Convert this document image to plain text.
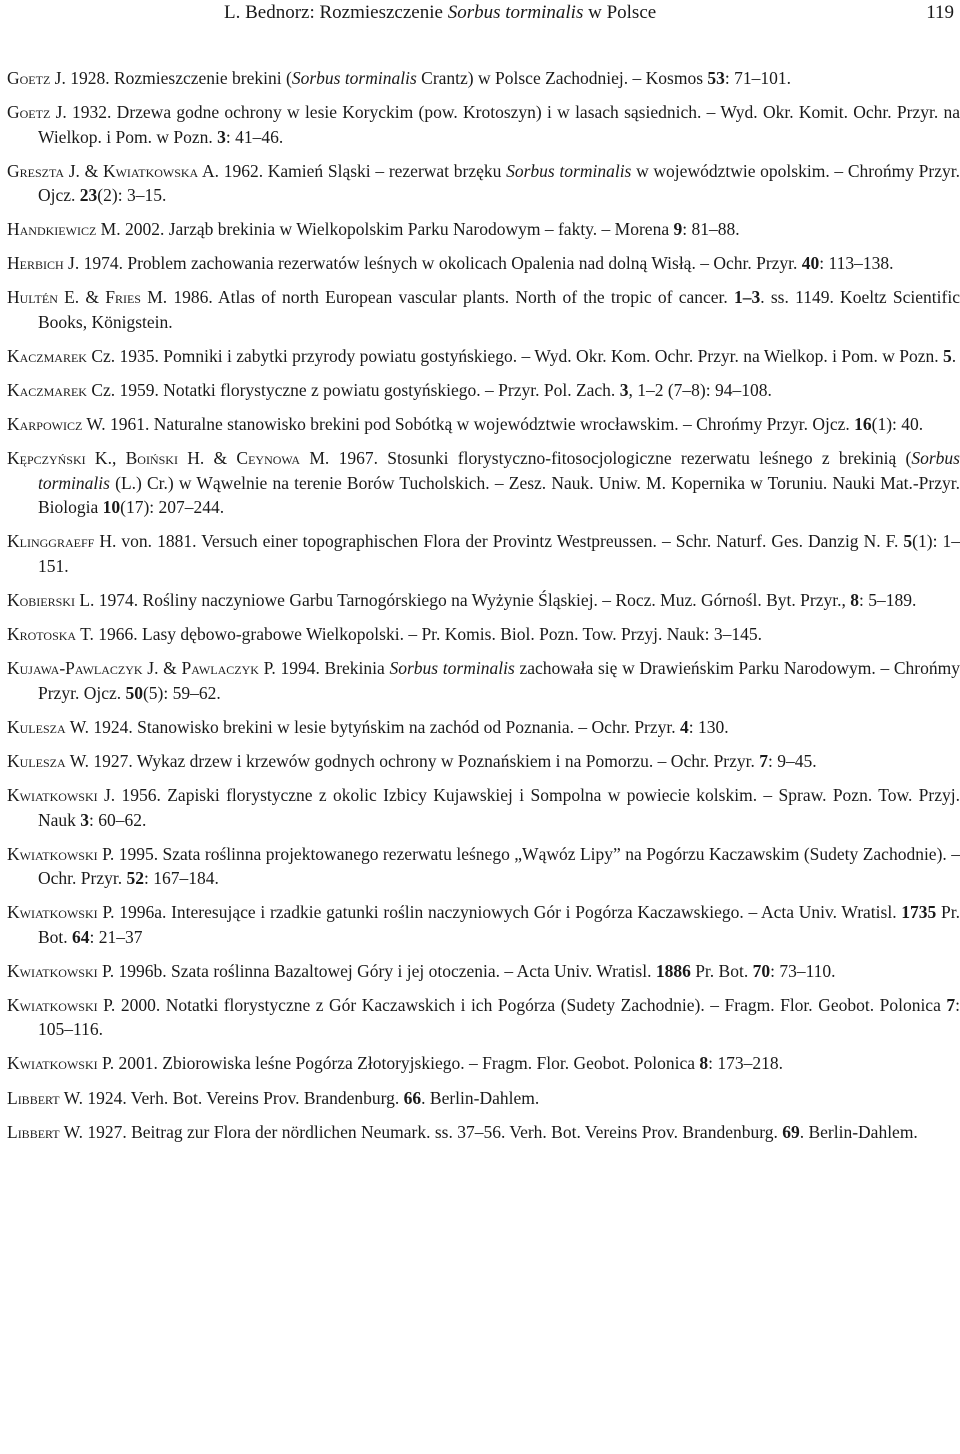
L. Bednorz: Rozmieszczenie Sorbus torminalis w Polsce	119

Goetz J. 1928. Rozmieszczenie brekini (Sorbus torminalis Crantz) w Polsce Zachodniej. – Kosmos 53: 71–101.

Goetz J. 1932. Drzewa godne ochrony w lesie Koryckim (pow. Krotoszyn) i w lasach sąsiednich. – Wyd. Okr. Komit. Ochr. Przyr. na Wielkop. i Pom. w Pozn. 3: 41–46.

Greszta J. & Kwiatkowska A. 1962. Kamień Sląski – rezerwat brzęku Sorbus torminalis w województwie opolskim. – Chrońmy Przyr. Ojcz. 23(2): 3–15.

Handkiewicz M. 2002. Jarząb brekinia w Wielkopolskim Parku Narodowym – fakty. – Morena 9: 81–88.

Herbich J. 1974. Problem zachowania rezerwatów leśnych w okolicach Opalenia nad dolną Wisłą. – Ochr. Przyr. 40: 113–138.

Hultén E. & Fries M. 1986. Atlas of north European vascular plants. North of the tropic of cancer. 1–3. ss. 1149. Koeltz Scientific Books, Königstein.

Kaczmarek Cz. 1935. Pomniki i zabytki przyrody powiatu gostyńskiego. – Wyd. Okr. Kom. Ochr. Przyr. na Wielkop. i Pom. w Pozn. 5.

Kaczmarek Cz. 1959. Notatki florystyczne z powiatu gostyńskiego. – Przyr. Pol. Zach. 3, 1–2 (7–8): 94–108.

Karpowicz W. 1961. Naturalne stanowisko brekini pod Sobótką w województwie wrocławskim. – Chrońmy Przyr. Ojcz. 16(1): 40.

Kępczyński K., Boiński H. & Ceynowa M. 1967. Stosunki florystyczno-fitosocjologiczne rezerwatu leśnego z brekinią (Sorbus torminalis (L.) Cr.) w Wąwelnie na terenie Borów Tucholskich. – Zesz. Nauk. Uniw. M. Kopernika w Toruniu. Nauki Mat.-Przyr. Biologia 10(17): 207–244.

Klinggraeff H. von. 1881. Versuch einer topographischen Flora der Provintz Westpreussen. – Schr. Naturf. Ges. Danzig N. F. 5(1): 1–151.

Kobierski L. 1974. Rośliny naczyniowe Garbu Tarnogórskiego na Wyżynie Śląskiej. – Rocz. Muz. Górnośl. Byt. Przyr., 8: 5–189.

Krotoska T. 1966. Lasy dębowo-grabowe Wielkopolski. – Pr. Komis. Biol. Pozn. Tow. Przyj. Nauk: 3–145.

Kujawa-Pawlaczyk J. & Pawlaczyk P. 1994. Brekinia Sorbus torminalis zachowała się w Drawieńskim Parku Narodowym. – Chrońmy Przyr. Ojcz. 50(5): 59–62.

Kulesza W. 1924. Stanowisko brekini w lesie bytyńskim na zachód od Poznania. – Ochr. Przyr. 4: 130.

Kulesza W. 1927. Wykaz drzew i krzewów godnych ochrony w Poznańskiem i na Pomorzu. – Ochr. Przyr. 7: 9–45.

Kwiatkowski J. 1956. Zapiski florystyczne z okolic Izbicy Kujawskiej i Sompolna w powiecie kolskim. – Spraw. Pozn. Tow. Przyj. Nauk 3: 60–62.

Kwiatkowski P. 1995. Szata roślinna projektowanego rezerwatu leśnego „Wąwóz Lipy” na Pogórzu Kaczawskim (Sudety Zachodnie). – Ochr. Przyr. 52: 167–184.

Kwiatkowski P. 1996a. Interesujące i rzadkie gatunki roślin naczyniowych Gór i Pogórza Kaczawskiego. – Acta Univ. Wratisl. 1735 Pr. Bot. 64: 21–37

Kwiatkowski P. 1996b. Szata roślinna Bazaltowej Góry i jej otoczenia. – Acta Univ. Wratisl. 1886 Pr. Bot. 70: 73–110.

Kwiatkowski P. 2000. Notatki florystyczne z Gór Kaczawskich i ich Pogórza (Sudety Zachodnie). – Fragm. Flor. Geobot. Polonica 7: 105–116.

Kwiatkowski P. 2001. Zbiorowiska leśne Pogórza Złotoryjskiego. – Fragm. Flor. Geobot. Polonica 8: 173–218.

Libbert W. 1924. Verh. Bot. Vereins Prov. Brandenburg. 66. Berlin-Dahlem.

Libbert W. 1927. Beitrag zur Flora der nördlichen Neumark. ss. 37–56. Verh. Bot. Vereins Prov. Brandenburg. 69. Berlin-Dahlem.
